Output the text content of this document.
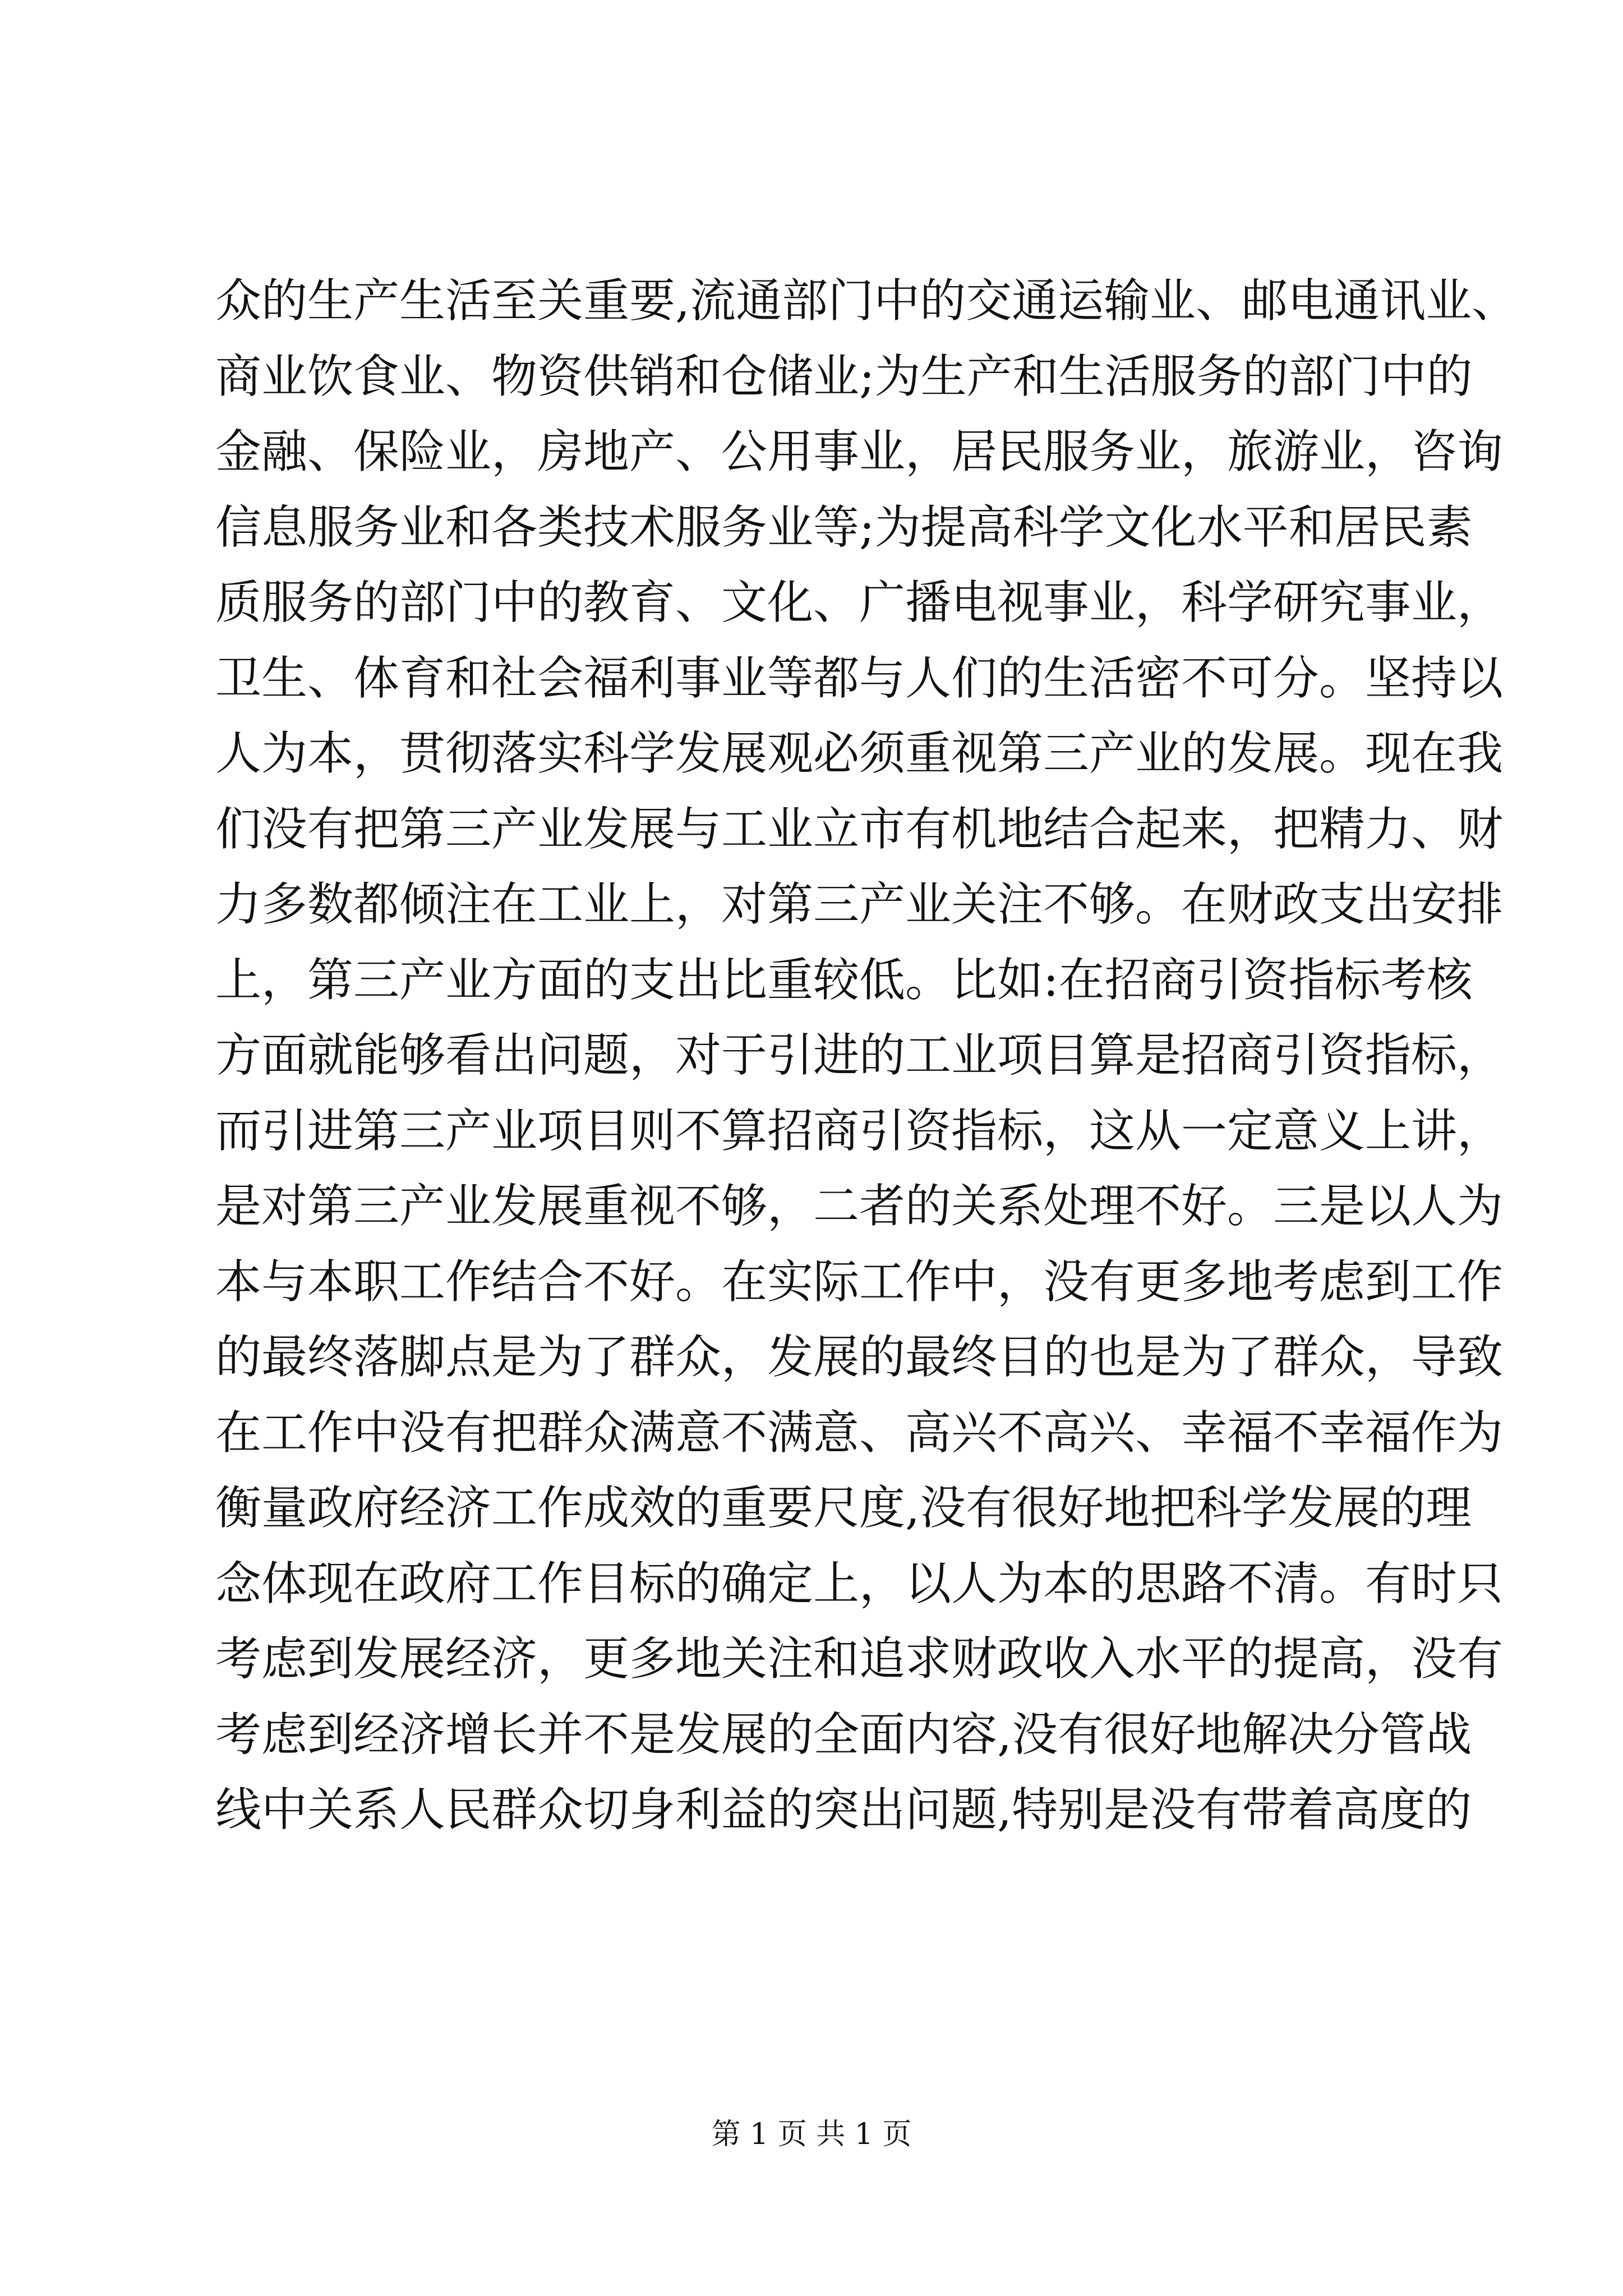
众的生产生活至关重要,流通部门中的交通运输业、邮电通讯业、
商业饮食业、物资供销和仓储业;为生产和生活服务的部门中的
金融、保险业，房地产、公用事业，居民服务业，旅游业，咨询
信息服务业和各类技术服务业等;为提高科学文化水平和居民素
质服务的部门中的教育、文化、广播电视事业，科学研究事业，
卫生、体育和社会福利事业等都与人们的生活密不可分。坚持以
人为本，贯彻落实科学发展观必须重视第三产业的发展。现在我
们没有把第三产业发展与工业立市有机地结合起来，把精力、财
力多数都倾注在工业上，对第三产业关注不够。在财政支出安排
上，第三产业方面的支出比重较低。比如:在招商引资指标考核
方面就能够看出问题，对于引进的工业项目算是招商引资指标，
而引进第三产业项目则不算招商引资指标，这从一定意义上讲，
是对第三产业发展重视不够，二者的关系处理不好。三是以人为
本与本职工作结合不好。在实际工作中，没有更多地考虑到工作
的最终落脚点是为了群众，发展的最终目的也是为了群众，导致
在工作中没有把群众满意不满意、高兴不高兴、幸福不幸福作为
衡量政府经济工作成效的重要尺度,没有很好地把科学发展的理
念体现在政府工作目标的确定上，以人为本的思路不清。有时只
考虑到发展经济，更多地关注和追求财政收入水平的提高，没有
考虑到经济增长并不是发展的全面内容,没有很好地解决分管战
线中关系人民群众切身利益的突出问题,特别是没有带着高度的
第 1 页 共 1 页
